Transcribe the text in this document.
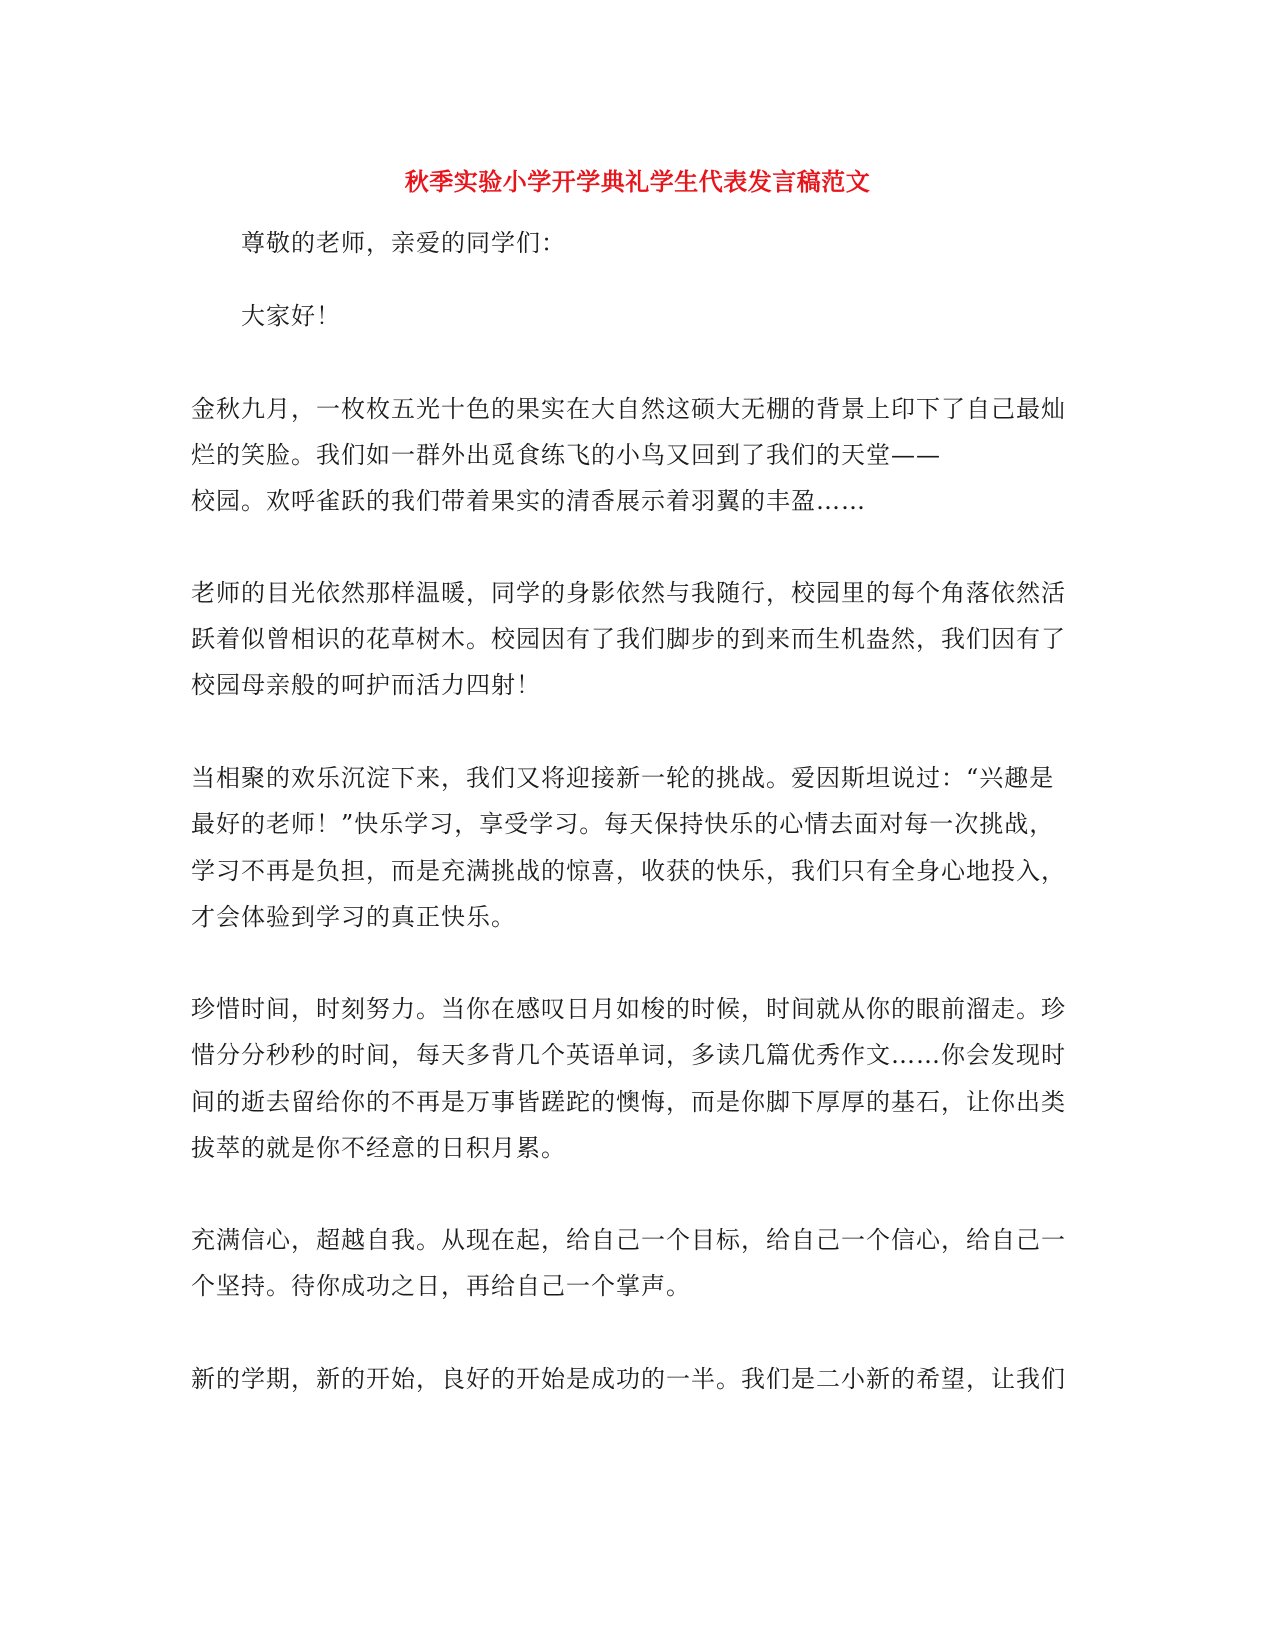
秋季实验小学开学典礼学生代表发言稿范文
尊敬的老师，亲爱的同学们：
大家好！
金秋九月，一枚枚五光十色的果实在大自然这硕大无棚的背景上印下了自己最灿
烂的笑脸。我们如一群外出觅食练飞的小鸟又回到了我们的天堂——
校园。欢呼雀跃的我们带着果实的清香展示着羽翼的丰盈……
老师的目光依然那样温暖，同学的身影依然与我随行，校园里的每个角落依然活
跃着似曾相识的花草树木。校园因有了我们脚步的到来而生机盎然，我们因有了
校园母亲般的呵护而活力四射！
当相聚的欢乐沉淀下来，我们又将迎接新一轮的挑战。爱因斯坦说过：“兴趣是
最好的老师！”快乐学习，享受学习。每天保持快乐的心情去面对每一次挑战，
学习不再是负担，而是充满挑战的惊喜，收获的快乐，我们只有全身心地投入，
才会体验到学习的真正快乐。
珍惜时间，时刻努力。当你在感叹日月如梭的时候，时间就从你的眼前溜走。珍
惜分分秒秒的时间，每天多背几个英语单词，多读几篇优秀作文……你会发现时
间的逝去留给你的不再是万事皆蹉跎的懊悔，而是你脚下厚厚的基石，让你出类
拔萃的就是你不经意的日积月累。
充满信心，超越自我。从现在起，给自己一个目标，给自己一个信心，给自己一
个坚持。待你成功之日，再给自己一个掌声。
新的学期，新的开始，良好的开始是成功的一半。我们是二小新的希望，让我们
